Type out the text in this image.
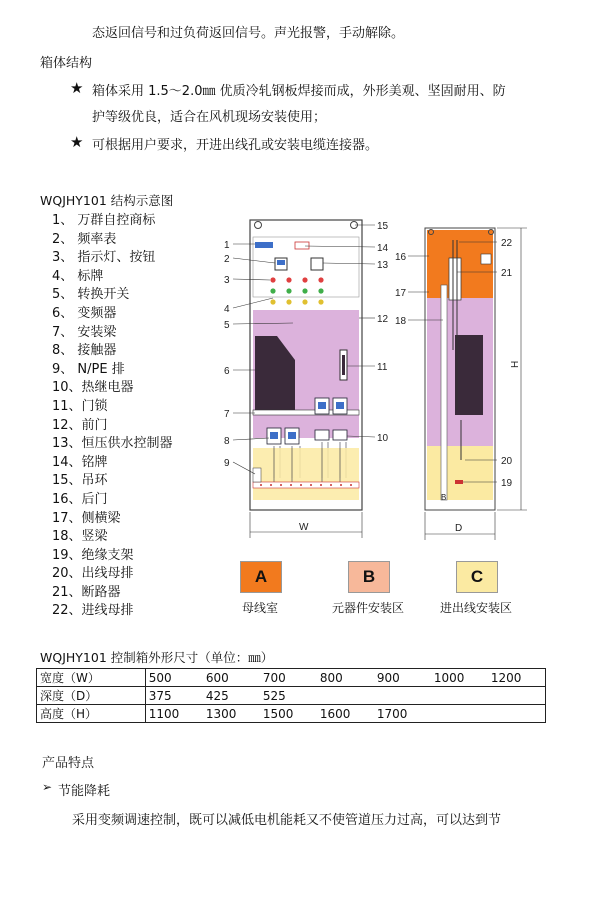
态返回信号和过负荷返回信号。声光报警，手动解除。
箱体结构
★ 箱体采用 1.5～2.0㎜ 优质冷轧钢板焊接而成，外形美观、坚固耐用、防
护等级优良，适合在风机现场安装使用；
★ 可根据用户要求，开进出线孔或安装电缆连接器。
WQJHY101 结构示意图
1、 万群自控商标
2、 频率表
3、 指示灯、按钮
4、 标牌
5、 转换开关
6、 变频器
7、 安装梁
8、 接触器
9、 N/PE 排
10、热继电器
11、门锁
12、前门
13、恒压供水控制器
14、铭牌
15、吊环
16、后门
17、侧横梁
18、竖梁
19、绝缘支架
20、出线母排
21、断路器
22、进线母排
1
2
3
4
5
6
7
8
9
15
14
13
12
11
10
W
B
16
17
18
22
21
20
19
H
D
A	B	C
母线室	元器件安装区	进出线安装区
WQJHY101 控制箱外形尺寸（单位：㎜）
宽度（W）	500	600	700	800	900	1000	1200
深度（D）	375	425	525				
高度（H）	1100	1300	1500	1600	1700		
产品特点
➢ 节能降耗
采用变频调速控制，既可以减低电机能耗又不使管道压力过高，可以达到节
